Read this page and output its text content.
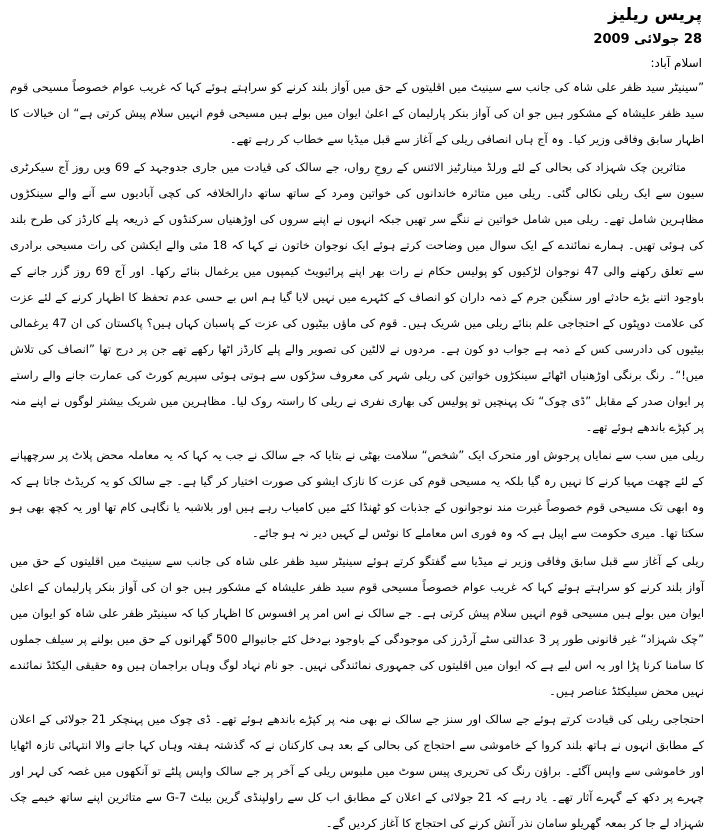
پریس ریلیز
28 جولائی 2009
اسلام آباد:

”سینیٹر سید ظفر علی شاہ کی جانب سے سینیٹ میں اقلیتوں کے حق میں آواز بلند کرنے کو سراہتے ہوئے کہا کہ غریب عوام خصوصاً مسیحی قوم سید ظفر علیشاہ کے مشکور ہیں جو ان کی آواز بنکر پارلیمان کے اعلیٰ ایوان میں بولے ہیں مسیحی قوم انہیں سلام پیش کرتی ہے“ ان خیالات کا اظہار سابق وفاقی وزیر کیا۔ وہ آج ہاں انصافی ریلی کے آغاز سے قبل میڈیا سے خطاب کر رہے تھے۔

متاثرین چک شہزاد کی بحالی کے لئے ورلڈ مینارٹیز الائنس کے روحِ رواں، جے سالک کی قیادت میں جاری جدوجہد کے 69 ویں روز آج سیکرٹری سیون سے ایک ریلی نکالی گئی۔ ریلی میں متاثرہ خاندانوں کی خواتین ومرد کے ساتھ ساتھ دارالخلافہ کی کچی آبادیوں سے آنے والے سینکڑوں مظاہرین شامل تھے۔ ریلی میں شامل خواتین نے ننگے سر تھیں جبکہ انہوں نے اپنے سروں کی اوڑھنیاں سرکنڈوں کے ذریعہ پلے کارڈز کی طرح بلند کی ہوئی تھیں۔ ہمارے نمائندے کے ایک سوال میں وضاحت کرتے ہوئے ایک نوجوان خاتون نے کہا کہ 18 مئی والے ایکشن کی رات مسیحی برادری سے تعلق رکھنے والی 47 نوجوان لڑکیوں کو پولیس حکام نے رات بھر اپنے پرائیویٹ کیمپوں میں یرغمال بنائے رکھا۔ اور آج 69 روز گزر جانے کے باوجود اتنے بڑے حادثے اور سنگین جرم کے ذمہ داران کو انصاف کے کٹہرے میں نہیں لایا گیا ہم اس بے حسی عدم تحفظ کا اظہار کرنے کے لئے عزت کی علامت دوپٹوں کے احتجاجی علم بنائے ریلی میں شریک ہیں۔ قوم کی ماؤں بیٹیوں کی عزت کے پاسبان کہاں ہیں؟ پاکستان کی ان 47 یرغمالی بیٹیوں کی دادرسی کس کے ذمہ ہے جواب دو کون ہے۔ مردوں نے لالٹین کی تصویر والے پلے کارڈز اٹھا رکھے تھے جن پر درج تھا ”انصاف کی تلاش میں!“۔ رنگ برنگی اوڑھنیاں اٹھائے سینکڑوں خواتین کی ریلی شہر کی معروف سڑکوں سے ہوتی ہوئی سپریم کورٹ کی عمارت جانے والے راستے پر ایوان صدر کے مقابل ”ڈی چوک“ تک پہنچیں تو پولیس کی بھاری نفری نے ریلی کا راستہ روک لیا۔ مظاہرین میں شریک بیشتر لوگوں نے اپنے منہ پر کپڑے باندھے ہوئے تھے۔

ریلی میں سب سے نمایاں پرجوش اور متحرک ایک ”شخص“ سلامت بھٹی نے بتایا کہ جے سالک نے جب یہ کہا کہ یہ معاملہ محض پلاٹ پر سرچھپانے کے لئے چھت مہیا کرنے کا نہیں رہ گیا بلکہ یہ مسیحی قوم کی عزت کا نازک ایشو کی صورت اختیار کر گیا ہے۔ جے سالک کو یہ کریڈٹ جاتا ہے کہ وہ ابھی تک مسیحی قوم خصوصاً غیرت مند نوجوانوں کے جذبات کو ٹھنڈا کئے میں کامیاب رہے ہیں اور بلاشبہ یا نگاہی کام تھا اور یہ کچھ بھی ہو سکتا تھا۔ میری حکومت سے اپیل ہے کہ وہ فوری اس معاملے کا نوٹس لے کہیں دیر نہ ہو جائے۔

ریلی کے آغاز سے قبل سابق وفاقی وزیر نے میڈیا سے گفتگو کرتے ہوئے سینیٹر سید ظفر علی شاہ کی جانب سے سینیٹ میں اقلیتوں کے حق میں آواز بلند کرنے کو سراہتے ہوئے کہا کہ غریب عوام خصوصاً مسیحی قوم سید ظفر علیشاہ کے مشکور ہیں جو ان کی آواز بنکر پارلیمان کے اعلیٰ ایوان میں بولے ہیں مسیحی قوم انہیں سلام پیش کرتی ہے۔ جے سالک نے اس امر پر افسوس کا اظہار کیا کہ سینیٹر ظفر علی شاہ کو ایوان میں ”چک شہزاد“ غیر قانونی طور پر 3 عدالتی سٹے آرڈرز کی موجودگی کے باوجود بےدخل کئے جانیوالے 500 گھرانوں کے حق میں بولنے پر سیلف جملوں کا سامنا کرنا پڑا اور یہ اس لیے ہے کہ ایوان میں اقلیتوں کی جمہوری نمائندگی نہیں۔ جو نام نہاد لوگ وہاں براجمان ہیں وہ حقیقی الیکٹڈ نمائندے نہیں محض سیلیکٹڈ عناصر ہیں۔

احتجاجی ریلی کی قیادت کرتے ہوئے جے سالک اور سنز جے سالک نے بھی منہ پر کپڑے باندھے ہوئے تھے۔ ڈی چوک میں پہنچکر 21 جولائی کے اعلان کے مطابق انہوں نے ہاتھ بلند کروا کے خاموشی سے احتجاج کی بحالی کے بعد ہی کارکنان نے کہ گذشتہ ہفتہ وہاں کہا جانے والا انتہائی تازہ اٹھایا اور خاموشی سے واپس آگئے۔ براؤن رنگ کی تحریری پیس سوٹ میں ملبوس ریلی کے آخر پر جے سالک واپس پلٹے تو آنکھوں میں غصہ کی لہر اور چہرے پر دکھ کے گہرے آثار تھے۔ یاد رہے کہ 21 جولائی کے اعلان کے مطابق اب کل سے راولپنڈی گرین بیلٹ G-7 سے متاثرین اپنے ساتھ خیمے چک شہزاد لے جا کر بمعہ گھریلو سامان نذر آتش کرنے کی احتجاج کا آغاز کردیں گے۔
